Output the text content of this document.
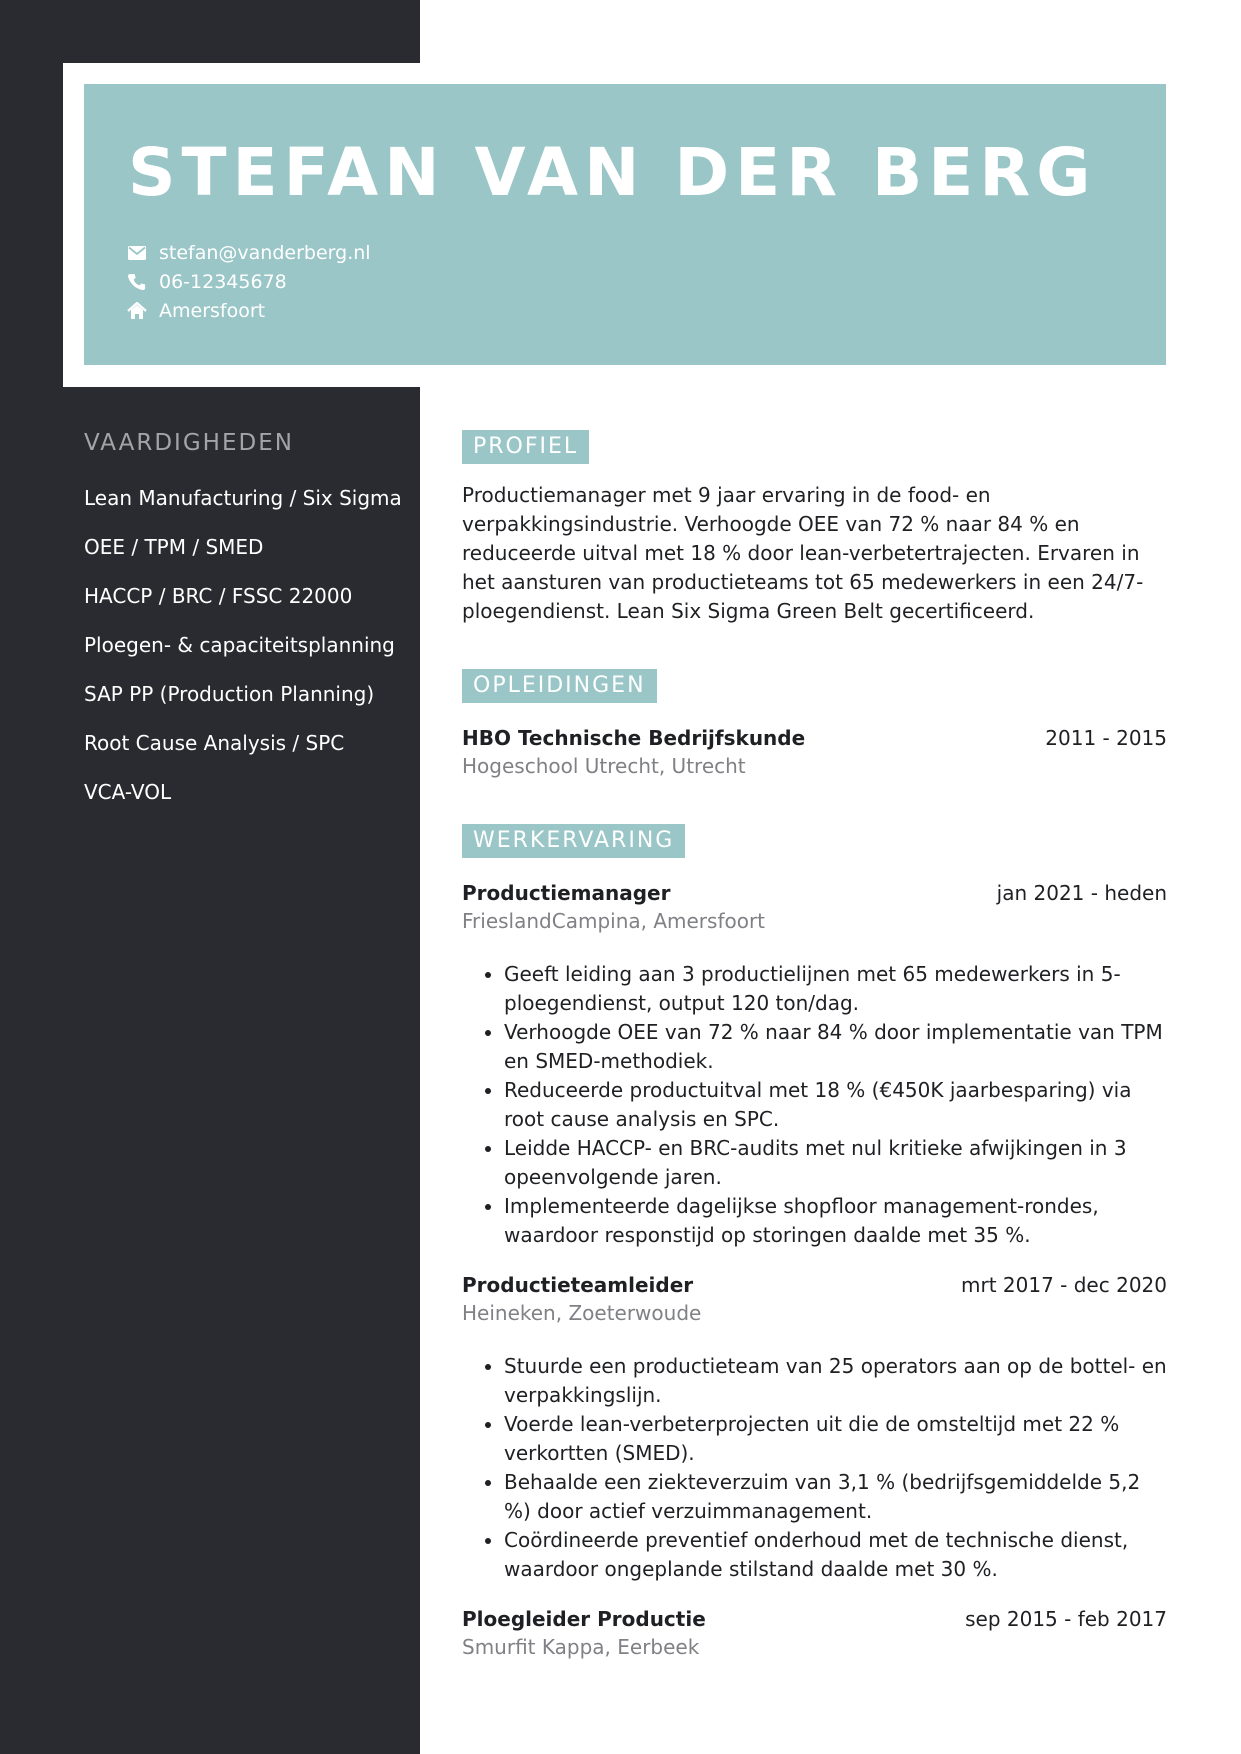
STEFAN VAN DER BERG
stefan@vanderberg.nl
06-12345678
Amersfoort
VAARDIGHEDEN
Lean Manufacturing / Six Sigma
OEE / TPM / SMED
HACCP / BRC / FSSC 22000
Ploegen- & capaciteitsplanning
SAP PP (Production Planning)
Root Cause Analysis / SPC
VCA-VOL
PROFIEL

Productiemanager met 9 jaar ervaring in de food- en verpakkingsindustrie. Verhoogde OEE van 72 % naar 84 % en reduceerde uitval met 18 % door lean-verbetertrajecten. Ervaren in het aansturen van productieteams tot 65 medewerkers in een 24/7-ploegendienst. Lean Six Sigma Green Belt gecertificeerd.

OPLEIDINGEN
HBO Technische Bedrijfskunde	2011 - 2015
Hogeschool Utrecht, Utrecht
WERKERVARING
Productiemanager	jan 2021 - heden
FrieslandCampina, Amersfoort
• Geeft leiding aan 3 productielijnen met 65 medewerkers in 5-ploegendienst, output 120 ton/dag.
• Verhoogde OEE van 72 % naar 84 % door implementatie van TPM en SMED-methodiek.
• Reduceerde productuitval met 18 % (€450K jaarbesparing) via root cause analysis en SPC.
• Leidde HACCP- en BRC-audits met nul kritieke afwijkingen in 3 opeenvolgende jaren.
• Implementeerde dagelijkse shopfloor management-rondes, waardoor responstijd op storingen daalde met 35 %.
Productieteamleider	mrt 2017 - dec 2020
Heineken, Zoeterwoude
• Stuurde een productieteam van 25 operators aan op de bottel- en verpakkingslijn.
• Voerde lean-verbeterprojecten uit die de omsteltijd met 22 % verkortten (SMED).
• Behaalde een ziekteverzuim van 3,1 % (bedrijfsgemiddelde 5,2 %) door actief verzuimmanagement.
• Coördineerde preventief onderhoud met de technische dienst, waardoor ongeplande stilstand daalde met 30 %.
Ploegleider Productie	sep 2015 - feb 2017
Smurfit Kappa, Eerbeek
